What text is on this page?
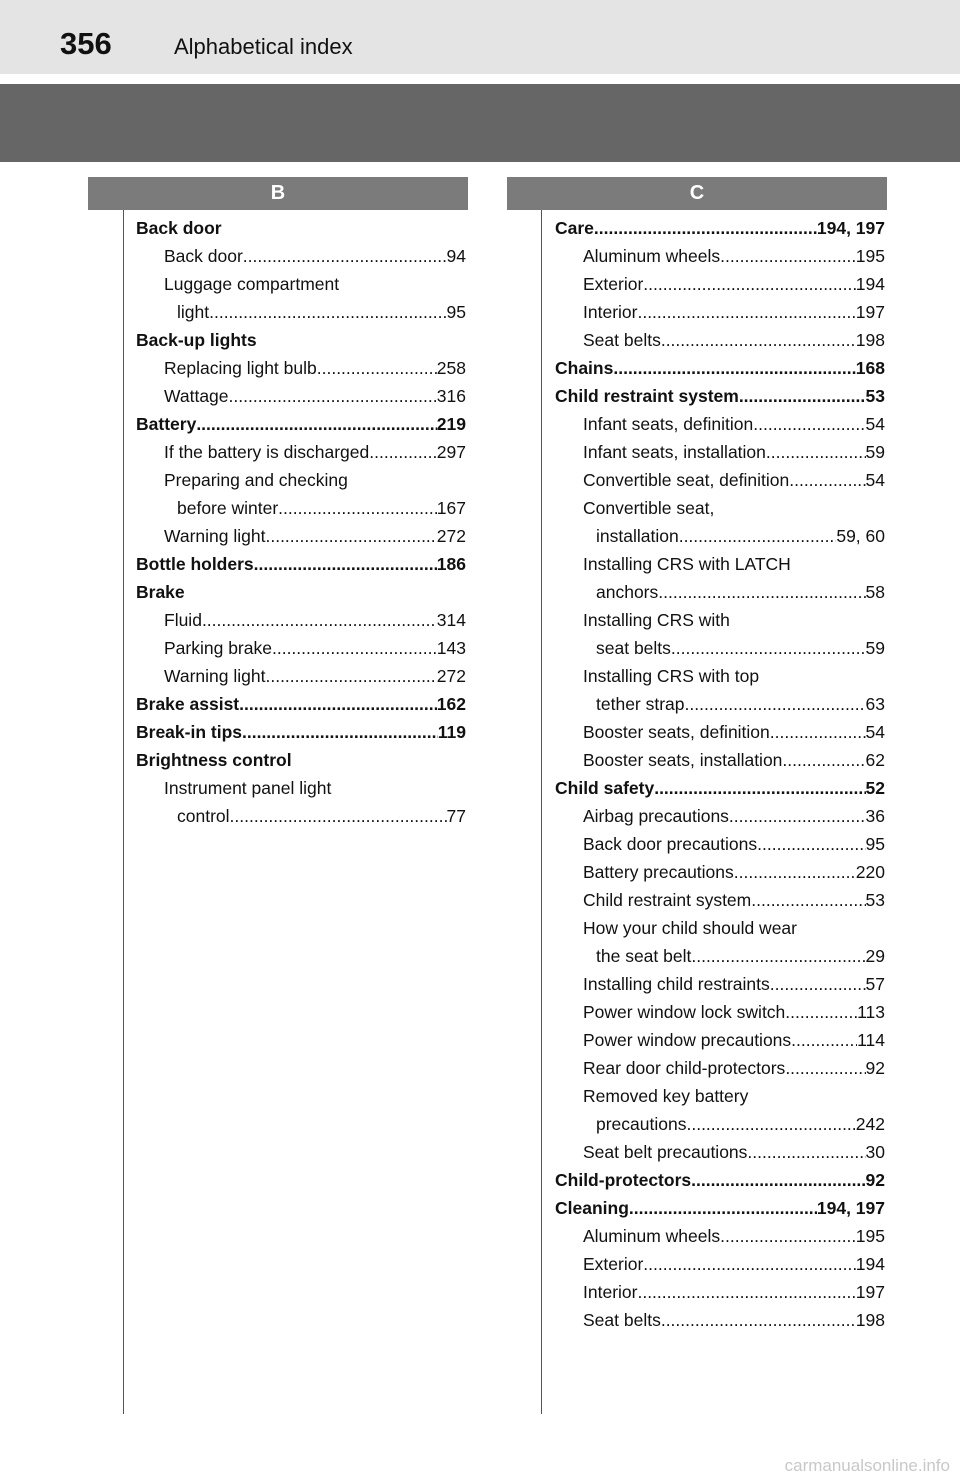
356	Alphabetical index
B
Back door
Back door .....	94
Luggage compartment
light .....	95
Back-up lights
Replacing light bulb .....	258
Wattage .....	316
Battery .....	219
If the battery is discharged .....	297
Preparing and checking
before winter .....	167
Warning light .....	272
Bottle holders .....	186
Brake
Fluid .....	314
Parking brake .....	143
Warning light .....	272
Brake assist .....	162
Break-in tips .....	119
Brightness control
Instrument panel light
control .....	77
C
Care .....	194, 197
Aluminum wheels .....	195
Exterior .....	194
Interior .....	197
Seat belts .....	198
Chains .....	168
Child restraint system .....	53
Infant seats, definition .....	54
Infant seats, installation .....	59
Convertible seat, definition .....	54
Convertible seat,
installation .....	59, 60
Installing CRS with LATCH
anchors .....	58
Installing CRS with
seat belts .....	59
Installing CRS with top
tether strap .....	63
Booster seats, definition .....	54
Booster seats, installation .....	62
Child safety .....	52
Airbag precautions .....	36
Back door precautions .....	95
Battery precautions .....	220
Child restraint system .....	53
How your child should wear
the seat belt .....	29
Installing child restraints .....	57
Power window lock switch .....	113
Power window precautions .....	114
Rear door child-protectors .....	92
Removed key battery
precautions .....	242
Seat belt precautions .....	30
Child-protectors .....	92
Cleaning .....	194, 197
Aluminum wheels .....	195
Exterior .....	194
Interior .....	197
Seat belts .....	198
carmanualsonline.info
